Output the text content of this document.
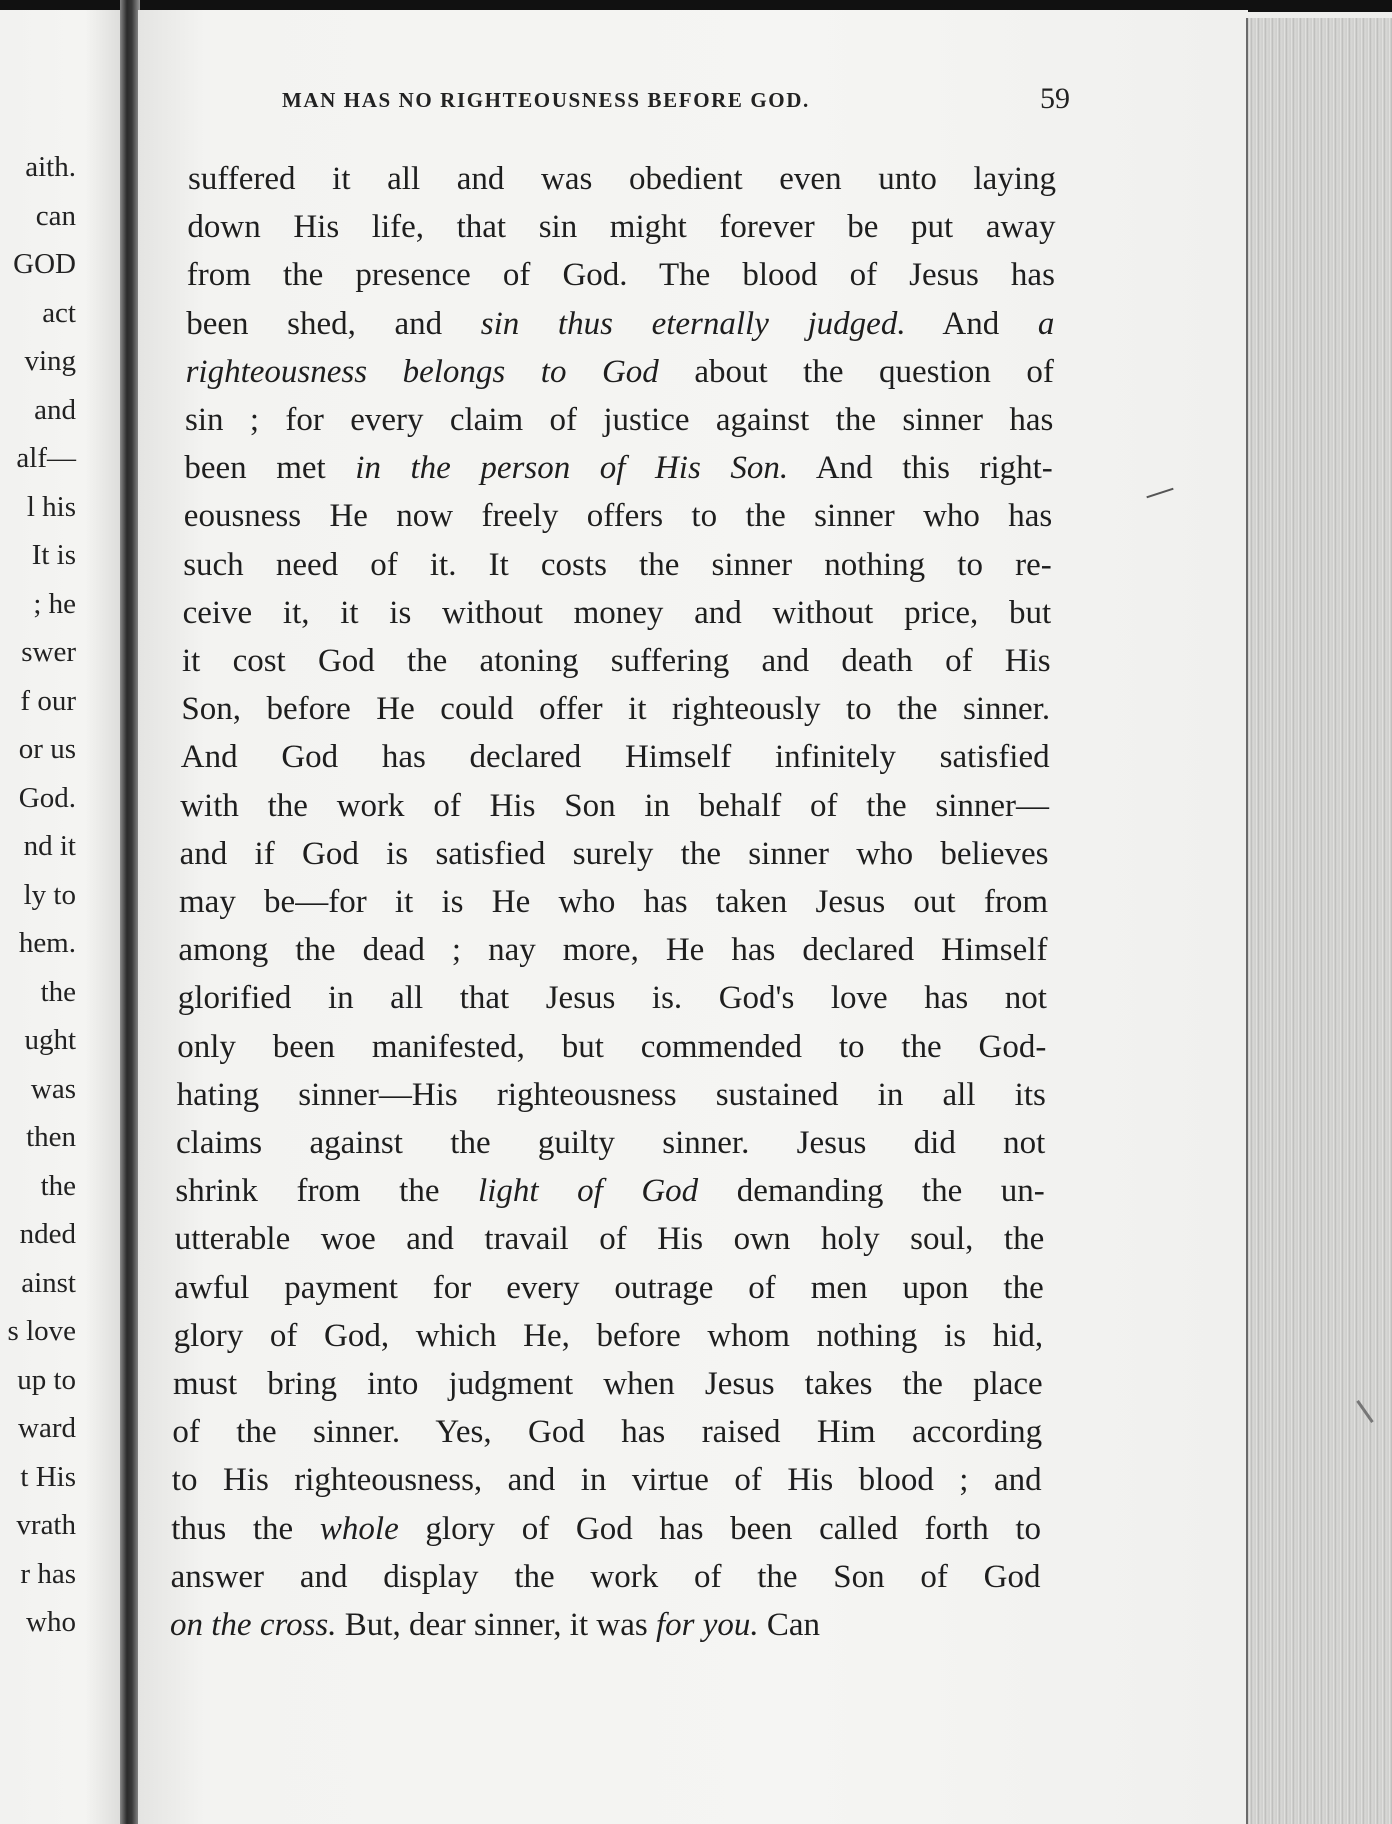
aith.
can
GOD
act
ving
and
alf—
l his
It is
; he
swer
f our
or us
God.
nd it
ly to
hem.
the
ught
was
then
the
nded
ainst
s love
up to
ward
t His
vrath
r has
who
MAN HAS NO RIGHTEOUSNESS BEFORE GOD.	59
suffered it all and was obedient even unto laying
down His life, that sin might forever be put away
from the presence of God. The blood of Jesus has
been shed, and sin thus eternally judged. And a
righteousness belongs to God about the question of
sin ; for every claim of justice against the sinner has
been met in the person of His Son. And this right-
eousness He now freely offers to the sinner who has
such need of it. It costs the sinner nothing to re-
ceive it, it is without money and without price, but
it cost God the atoning suffering and death of His
Son, before He could offer it righteously to the sinner.
And God has declared Himself infinitely satisfied
with the work of His Son in behalf of the sinner—
and if God is satisfied surely the sinner who believes
may be—for it is He who has taken Jesus out from
among the dead ; nay more, He has declared Himself
glorified in all that Jesus is. God's love has not
only been manifested, but commended to the God-
hating sinner—His righteousness sustained in all its
claims against the guilty sinner. Jesus did not
shrink from the light of God demanding the un-
utterable woe and travail of His own holy soul, the
awful payment for every outrage of men upon the
glory of God, which He, before whom nothing is hid,
must bring into judgment when Jesus takes the place
of the sinner. Yes, God has raised Him according
to His righteousness, and in virtue of His blood ; and
thus the whole glory of God has been called forth to
answer and display the work of the Son of God
on the cross. But, dear sinner, it was for you. Can
